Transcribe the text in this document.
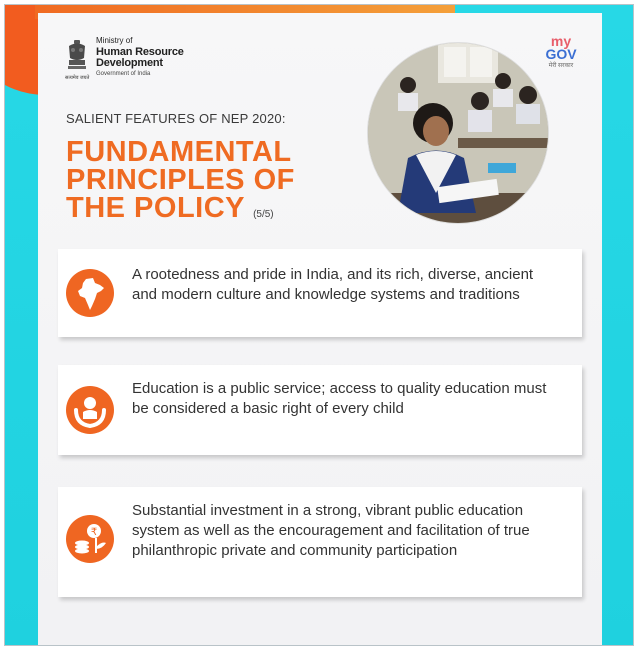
सत्यमेव जयते
Ministry of
Human Resource
Development
Government of India
my
GOV
मेरी सरकार
SALIENT FEATURES OF NEP 2020:
FUNDAMENTAL
PRINCIPLES OF
THE POLICY (5/5)
A rootedness and pride in India, and its rich, diverse, ancient and modern culture and knowledge systems and traditions
Education is a public service; access to quality education must be considered a basic right of every child
₹
Substantial investment in a strong, vibrant public education system as well as the encouragement and facilitation of true philanthropic private and community participation
